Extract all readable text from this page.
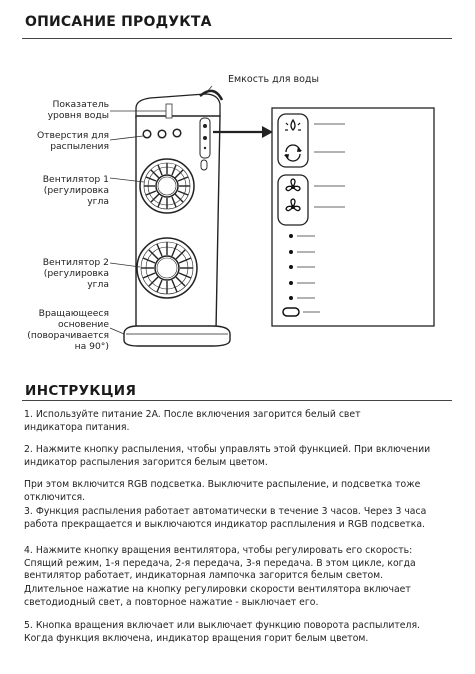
ОПИСАНИЕ ПРОДУКТА
Емкость для воды
Показатель
уровня воды
Отверстия для
распыления
Вентилятор 1
(регулировка
угла
Вентилятор 2
(регулировка
угла
Вращающееся
основение
(поворачивается
на 90°)
ИНСТРУКЦИЯ
1. Используйте питание 2A. После включения загорится белый свет
индикатора питания.
2. Нажмите кнопку распыления, чтобы управлять этой функцией. При включении
индикатор распыления загорится белым цветом.
При этом включится RGB подсветка. Выключите распыление, и подсветка тоже
отключится.
3. Функция распыления работает автоматически в течение 3 часов. Через 3 часа
работа прекращается и выключаются индикатор расплыления и RGB подсветка.
4. Нажмите кнопку вращения вентилятора, чтобы регулировать его скорость:
Спящий режим, 1-я передача, 2-я передача, 3-я передача. В этом цикле, когда
вентилятор работает, индикаторная лампочка загорится белым светом.
Длительное нажатие на кнопку регулировки скорости вентилятора включает
светодиодный свет, а повторное нажатие - выключает его.
5. Кнопка вращения включает или выключает функцию поворота распылителя.
Когда функция включена, индикатор вращения горит белым цветом.
